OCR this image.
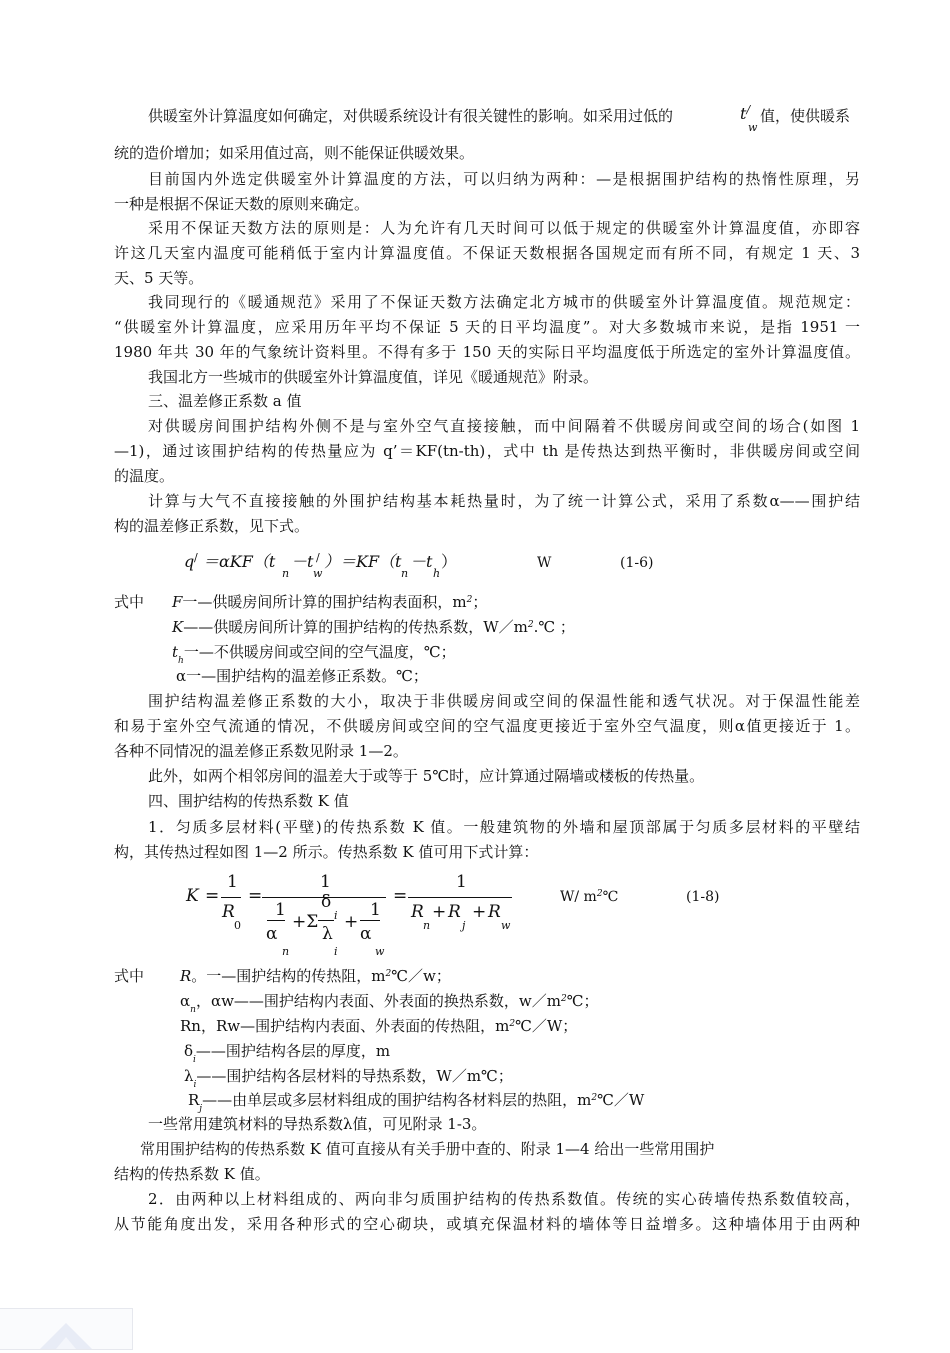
供暖室外计算温度如何确定，对供暖系统设计有很关键性的影响。如采用过低的	t/
w
值，使供暖系
统的造价增加；如采用值过高，则不能保证供暖效果。
目前国内外选定供暖室外计算温度的方法，可以归纳为两种：—是根据围护结构的热惰性原理，另
一种是根据不保证天数的原则来确定。
采用不保证天数方法的原则是：人为允许有几天时间可以低于规定的供暖室外计算温度值，亦即容
许这几天室内温度可能稍低于室内计算温度值。不保证天数根据各国规定而有所不同，有规定 1 天、3
天、5 天等。
我同现行的《暖通规范》采用了不保证天数方法确定北方城市的供暖室外计算温度值。规范规定：
“供暖室外计算温度，应采用历年平均不保证 5 天的日平均温度”。对大多数城市来说，是指 1951 一
1980 年共 30 年的气象统计资料里。不得有多于 150 天的实际日平均温度低于所选定的室外计算温度值。
我国北方一些城市的供暖室外计算温度值，详见《暖通规范》附录。
三、温差修正系数 a 值
对供暖房间围护结构外侧不是与室外空气直接接触，而中间隔着不供暖房间或空间的场合(如图 1
—1)，通过该围护结构的传热量应为 q’＝KF(tn-th)，式中 th 是传热达到热平衡时，非供暖房间或空间
的温度。
计算与大气不直接接触的外围护结构基本耗热量时，为了统一计算公式，采用了系数α——围护结
构的温差修正系数，见下式。
q / ＝αKF（t
n
－t /
w
）＝KF（t
n
－t
h
）	W	(1-6)
式中 F一—供暖房间所计算的围护结构表面积，$m^2$；
K——供暖房间所计算的围护结构的传热系数，$W/m^2.℃$ ；
$t_h$一—不供暖房间或空间的空气温度，℃；
α一—围护结构的温差修正系数。℃；
围护结构温差修正系数的大小，取决于非供暖房间或空间的保温性能和透气状况。对于保温性能差
和易于室外空气流通的情况，不供暖房间或空间的空气温度更接近于室外空气温度，则α值更接近于 1。
各种不同情况的温差修正系数见附录 1—2。
此外，如两个相邻房间的温差大于或等于 5℃时，应计算通过隔墙或楼板的传热量。
四、围护结构的传热系数 K 值
1．匀质多层材料(平壁)的传热系数 K 值。一般建筑物的外墙和屋顶部属于匀质多层材料的平壁结
构，其传热过程如图 1—2 所示。传热系数 K 值可用下式计算：
K =
1
R
0
=
1
1
α
n
+Σ
δ
i
λ
i
+
1
α
w
=
1
R
n
+ R
j
+ R
w
W/ $m^2℃$	(1-8)
式中 R。一—围护结构的传热阻，$m^2℃/w$；
$\alpha_n$，αw——围护结构内表面、外表面的换热系数，$w/m^2℃$；
Rn，Rw—围护结构内表面、外表面的传热阻，$m^2℃/W$；
$\delta_i——$围护结构各层的厚度，m
$\lambda_i——$围护结构各层材料的导热系数，W／m℃；
$R_j——$由单层或多层材料组成的围护结构各材料层的热阻，$m^2℃/W$
一些常用建筑材料的导热系数λ值，可见附录 1-3。
常用围护结构的传热系数 K 值可直接从有关手册中查的、附录 1—4 给出一些常用围护
结构的传热系数 K 值。
2．由两种以上材料组成的、两向非匀质围护结构的传热系数值。传统的实心砖墙传热系数值较高，
从节能角度出发，采用各种形式的空心砌块，或填充保温材料的墙体等日益增多。这种墙体用于由两种
